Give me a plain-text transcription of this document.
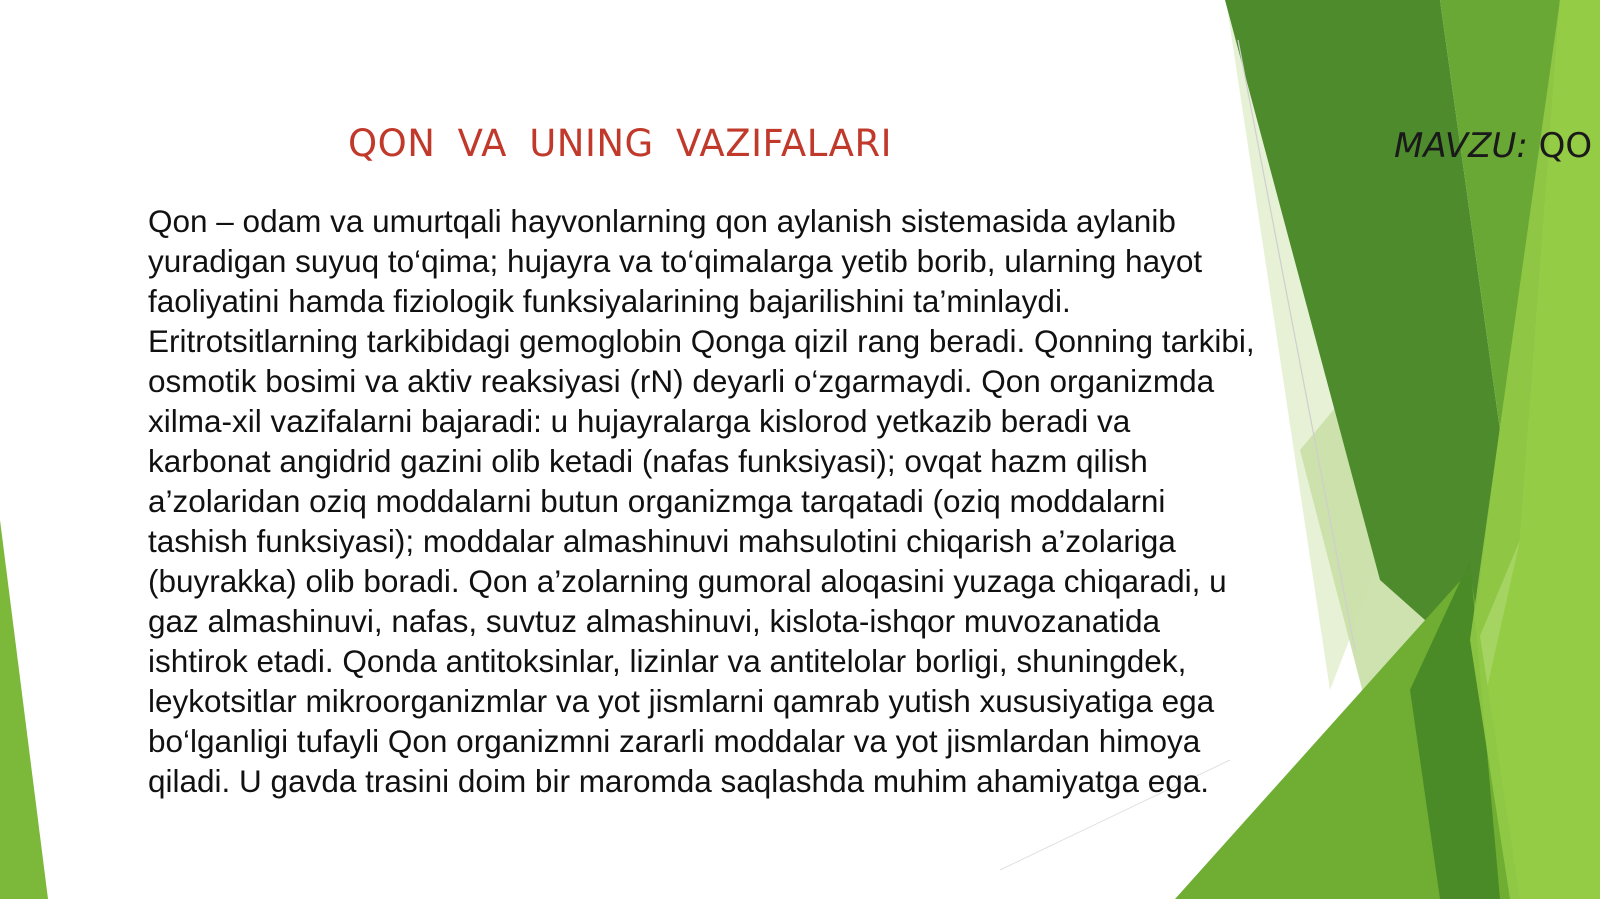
QON VA UNING VAZIFALARI	MAVZU: QO

Qon – odam va umurtqali hayvonlarning qon aylanish sistemasida aylanib yuradigan suyuq to‘qima; hujayra va to‘qimalarga yetib borib, ularning hayot faoliyatini hamda fiziologik funksiyalarining bajarilishini ta’minlaydi. Eritrotsitlarning tarkibidagi gemoglobin Qonga qizil rang beradi. Qonning tarkibi, osmotik bosimi va aktiv reaksiyasi (rN) deyarli o‘zgarmaydi. Qon organizmda xilma-xil vazifalarni bajaradi: u hujayralarga kislorod yetkazib beradi va karbonat angidrid gazini olib ketadi (nafas funksiyasi); ovqat hazm qilish a’zolaridan oziq moddalarni butun organizmga tarqatadi (oziq moddalarni tashish funksiyasi); moddalar almashinuvi mahsulotini chiqarish a’zolariga (buyrakka) olib boradi. Qon a’zolarning gumoral aloqasini yuzaga chiqaradi, u gaz almashinuvi, nafas, suvtuz almashinuvi, kislota-ishqor muvozanatida ishtirok etadi. Qonda antitoksinlar, lizinlar va antitelolar borligi, shuningdek, leykotsitlar mikroorganizmlar va yot jismlarni qamrab yutish xususiyatiga ega bo‘lganligi tufayli Qon organizmni zararli moddalar va yot jismlardan himoya qiladi. U gavda trasini doim bir maromda saqlashda muhim ahamiyatga ega.
